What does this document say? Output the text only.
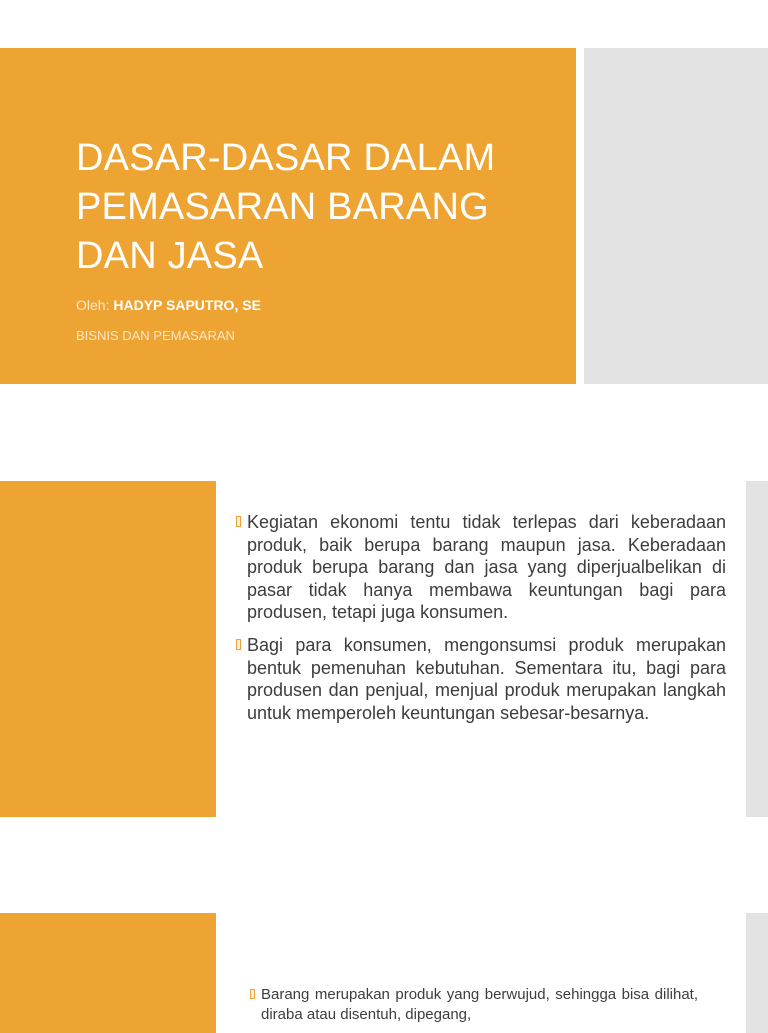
DASAR-DASAR DALAM PEMASARAN BARANG DAN JASA

Oleh: HADYP SAPUTRO, SE

BISNIS DAN PEMASARAN

Kegiatan ekonomi tentu tidak terlepas dari keberadaan produk, baik berupa barang maupun jasa. Keberadaan produk berupa barang dan jasa yang diperjualbelikan di pasar tidak hanya membawa keuntungan bagi para produsen, tetapi juga konsumen.
Bagi para konsumen, mengonsumsi produk merupakan bentuk pemenuhan kebutuhan. Sementara itu, bagi para produsen dan penjual, menjual produk merupakan langkah untuk memperoleh keuntungan sebesar-besarnya.
Barang merupakan produk yang berwujud, sehingga bisa dilihat, diraba atau disentuh, dipegang,
